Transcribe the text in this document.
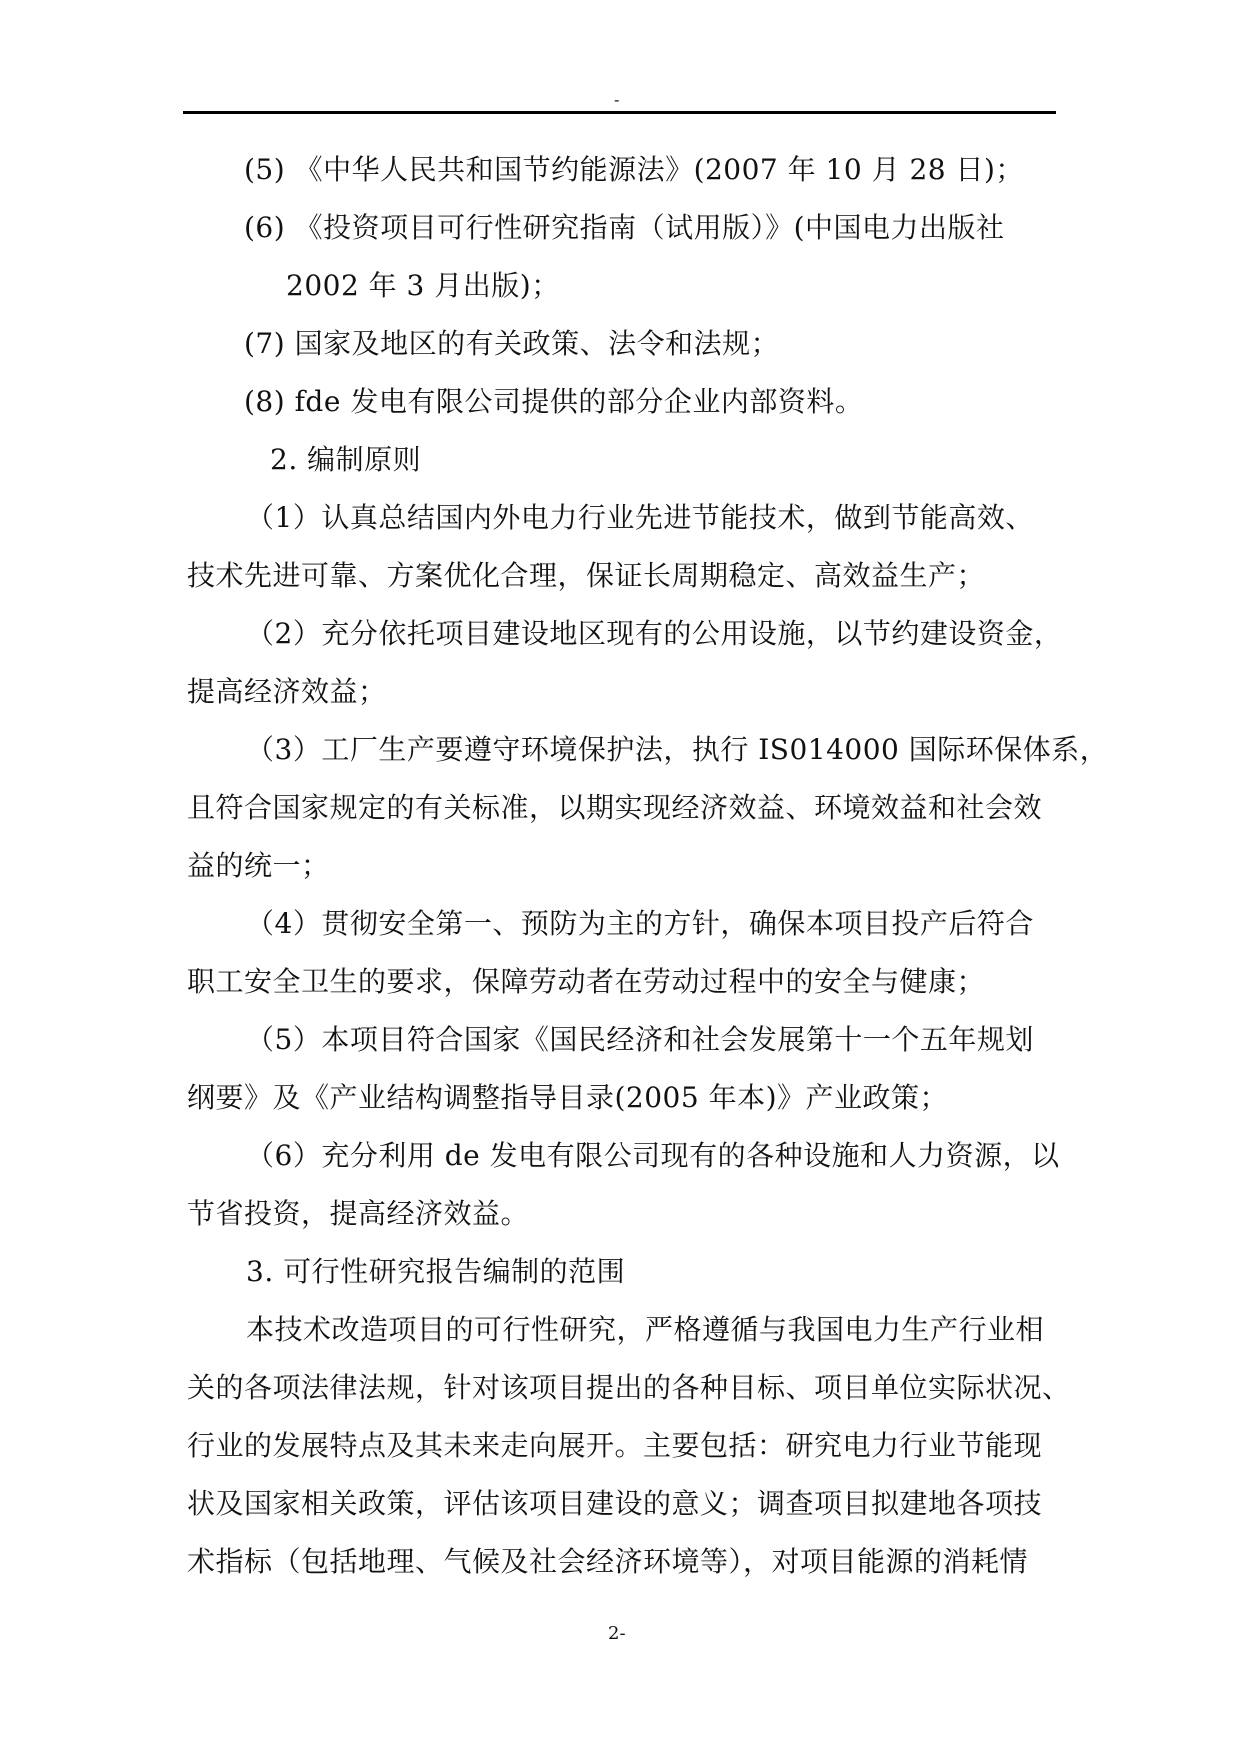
-
(5) 《中华人民共和国节约能源法》(2007 年 10 月 28 日)；
(6) 《投资项目可行性研究指南（试用版）》(中国电力出版社
2002 年 3 月出版)；
(7) 国家及地区的有关政策、法令和法规；
(8) fde 发电有限公司提供的部分企业内部资料。
2. 编制原则
（1）认真总结国内外电力行业先进节能技术，做到节能高效、
技术先进可靠、方案优化合理，保证长周期稳定、高效益生产；
（2）充分依托项目建设地区现有的公用设施，以节约建设资金，
提高经济效益；
（3）工厂生产要遵守环境保护法，执行 IS014000 国际环保体系，
且符合国家规定的有关标准，以期实现经济效益、环境效益和社会效
益的统一；
（4）贯彻安全第一、预防为主的方针，确保本项目投产后符合
职工安全卫生的要求，保障劳动者在劳动过程中的安全与健康；
（5）本项目符合国家《国民经济和社会发展第十一个五年规划
纲要》及《产业结构调整指导目录(2005 年本)》产业政策；
（6）充分利用 de 发电有限公司现有的各种设施和人力资源，以
节省投资，提高经济效益。
3. 可行性研究报告编制的范围
本技术改造项目的可行性研究，严格遵循与我国电力生产行业相
关的各项法律法规，针对该项目提出的各种目标、项目单位实际状况、
行业的发展特点及其未来走向展开。主要包括：研究电力行业节能现
状及国家相关政策，评估该项目建设的意义；调查项目拟建地各项技
术指标（包括地理、气候及社会经济环境等），对项目能源的消耗情
2-
